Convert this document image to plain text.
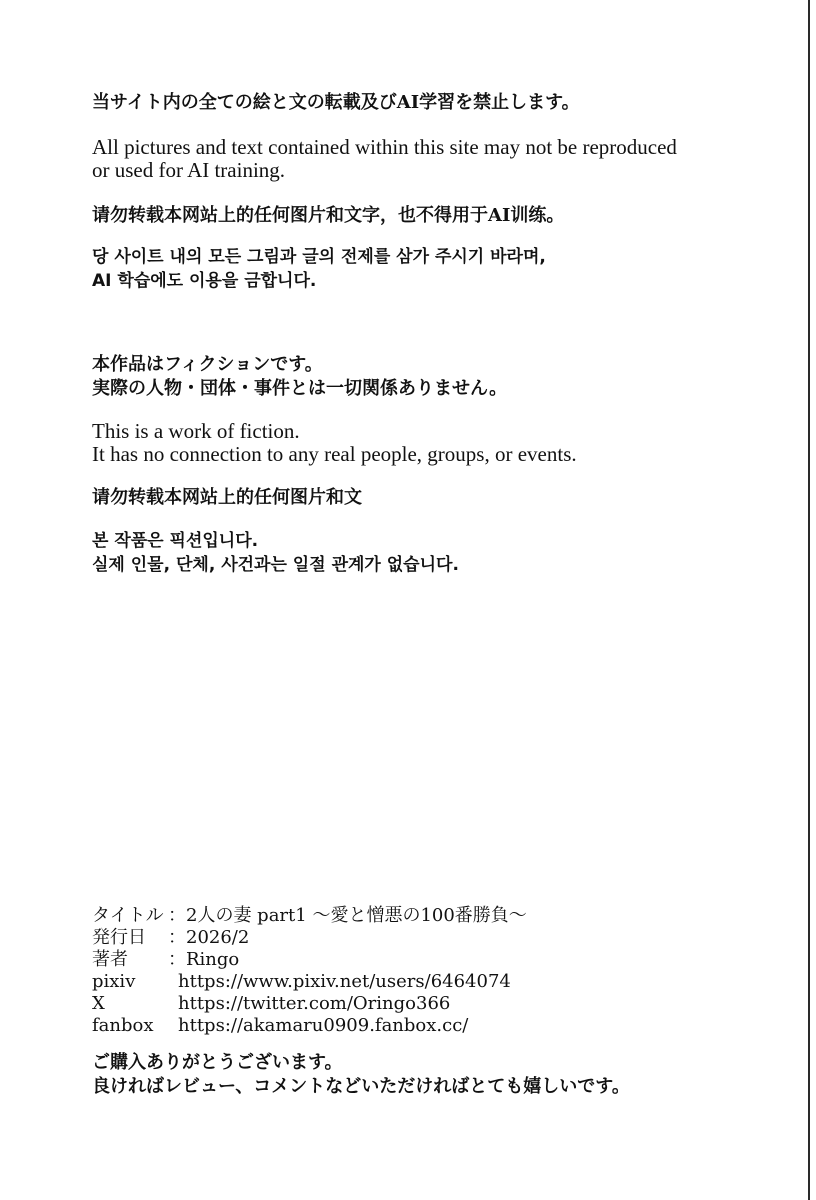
当サイト内の全ての絵と文の転載及びAI学習を禁止します。
All pictures and text contained within this site may not be reproduced
or used for AI training.
请勿转载本网站上的任何图片和文字，也不得用于AI训练。
당 사이트 내의 모든 그림과 글의 전제를 삼가 주시기 바라며,
AI 학습에도 이용을 금합니다.
本作品はフィクションです。
実際の人物・団体・事件とは一切関係ありません。
This is a work of fiction.
It has no connection to any real people, groups, or events.
请勿转载本网站上的任何图片和文
본 작품은 픽션입니다.
실제 인물, 단체, 사건과는 일절 관계가 없습니다.
タイトル ：2人の妻 part1 〜愛と憎悪の100番勝負〜
発行日 ：2026/2
著者 ：Ringo
pixiv https://www.pixiv.net/users/6464074
X	https://twitter.com/Oringo366
fanbox https://akamaru0909.fanbox.cc/
ご購入ありがとうございます。
良ければレビュー、コメントなどいただければとても嬉しいです。
